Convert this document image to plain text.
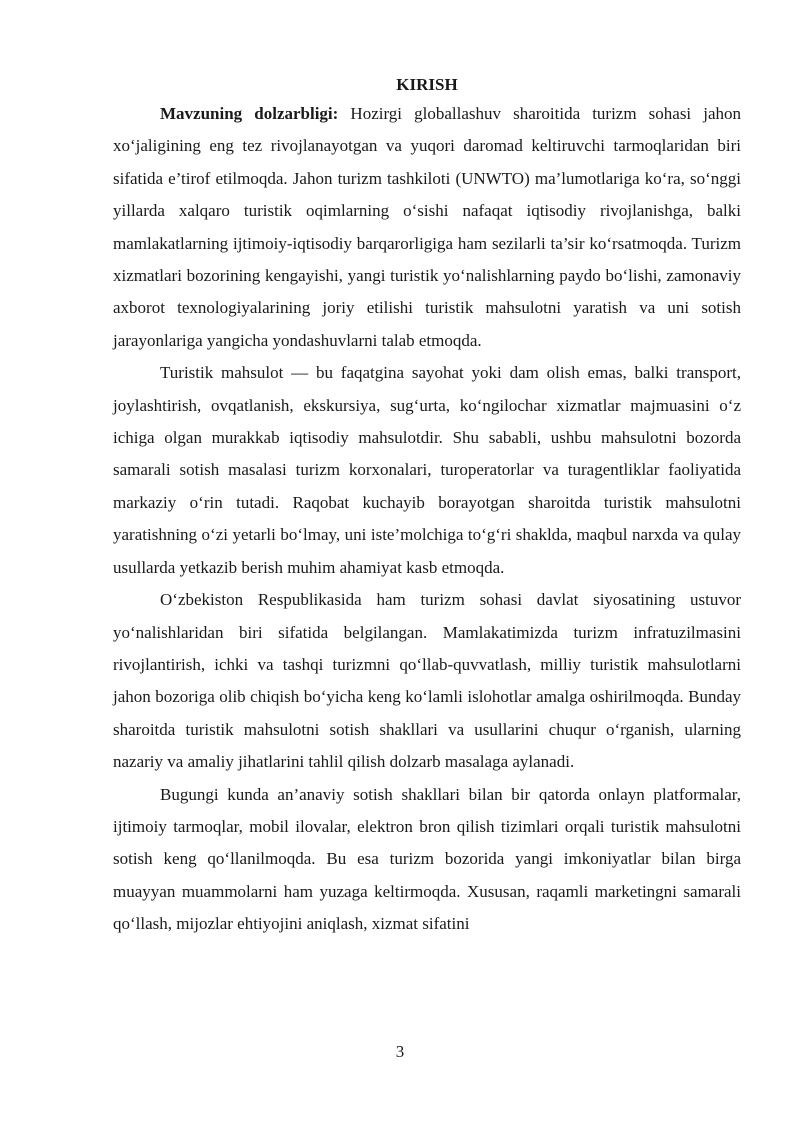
KIRISH

Mavzuning dolzarbligi: Hozirgi globallashuv sharoitida turizm sohasi jahon xo‘jaligining eng tez rivojlanayotgan va yuqori daromad keltiruvchi tarmoqlaridan biri sifatida e’tirof etilmoqda. Jahon turizm tashkiloti (UNWTO) ma’lumotlariga ko‘ra, so‘nggi yillarda xalqaro turistik oqimlarning o‘sishi nafaqat iqtisodiy rivojlanishga, balki mamlakatlarning ijtimoiy-iqtisodiy barqarorligiga ham sezilarli ta’sir ko‘rsatmoqda. Turizm xizmatlari bozorining kengayishi, yangi turistik yo‘nalishlarning paydo bo‘lishi, zamonaviy axborot texnologiyalarining joriy etilishi turistik mahsulotni yaratish va uni sotish jarayonlariga yangicha yondashuvlarni talab etmoqda.

Turistik mahsulot — bu faqatgina sayohat yoki dam olish emas, balki transport, joylashtirish, ovqatlanish, ekskursiya, sug‘urta, ko‘ngilochar xizmatlar majmuasini o‘z ichiga olgan murakkab iqtisodiy mahsulotdir. Shu sababli, ushbu mahsulotni bozorda samarali sotish masalasi turizm korxonalari, turoperatorlar va turagentliklar faoliyatida markaziy o‘rin tutadi. Raqobat kuchayib borayotgan sharoitda turistik mahsulotni yaratishning o‘zi yetarli bo‘lmay, uni iste’molchiga to‘g‘ri shaklda, maqbul narxda va qulay usullarda yetkazib berish muhim ahamiyat kasb etmoqda.

O‘zbekiston Respublikasida ham turizm sohasi davlat siyosatining ustuvor yo‘nalishlaridan biri sifatida belgilangan. Mamlakatimizda turizm infratuzilmasini rivojlantirish, ichki va tashqi turizmni qo‘llab-quvvatlash, milliy turistik mahsulotlarni jahon bozoriga olib chiqish bo‘yicha keng ko‘lamli islohotlar amalga oshirilmoqda. Bunday sharoitda turistik mahsulotni sotish shakllari va usullarini chuqur o‘rganish, ularning nazariy va amaliy jihatlarini tahlil qilish dolzarb masalaga aylanadi.

Bugungi kunda an’anaviy sotish shakllari bilan bir qatorda onlayn platformalar, ijtimoiy tarmoqlar, mobil ilovalar, elektron bron qilish tizimlari orqali turistik mahsulotni sotish keng qo‘llanilmoqda. Bu esa turizm bozorida yangi imkoniyatlar bilan birga muayyan muammolarni ham yuzaga keltirmoqda. Xususan, raqamli marketingni samarali qo‘llash, mijozlar ehtiyojini aniqlash, xizmat sifatini

3
